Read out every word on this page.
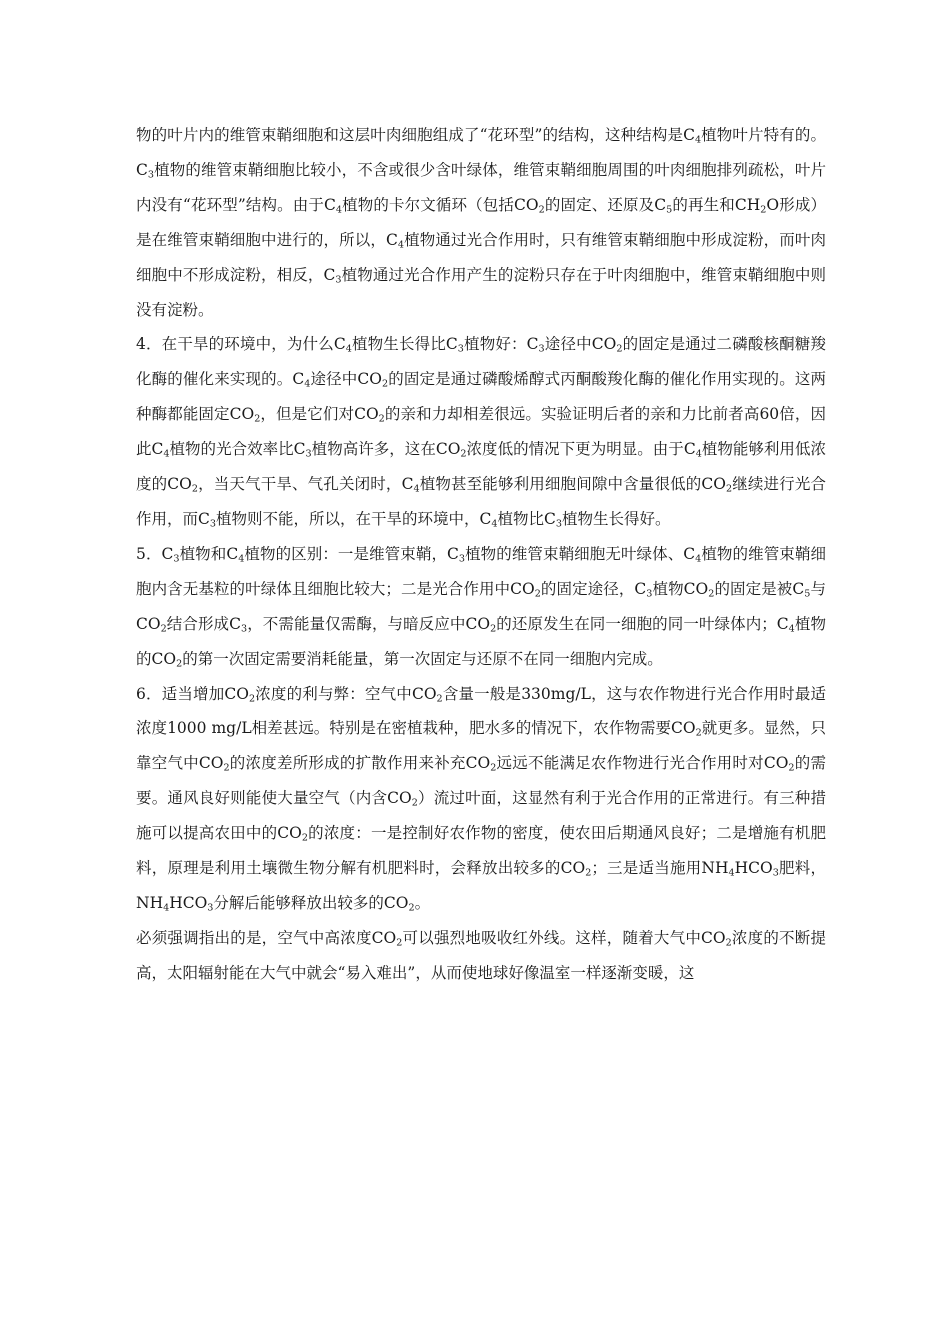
物的叶片内的维管束鞘细胞和这层叶肉细胞组成了“花环型”的结构，这种结构是$C_4$植物叶片特有的。$C_3$植物的维管束鞘细胞比较小，不含或很少含叶绿体，维管束鞘细胞周围的叶肉细胞排列疏松，叶片内没有“花环型”结构。由于$C_4$植物的卡尔文循环（包括$CO_2$的固定、还原及$C_5$的再生和$CH_2O$形成）是在维管束鞘细胞中进行的，所以，$C_4$植物通过光合作用时，只有维管束鞘细胞中形成淀粉，而叶肉细胞中不形成淀粉，相反，$C_3$植物通过光合作用产生的淀粉只存在于叶肉细胞中，维管束鞘细胞中则没有淀粉。

4．在干旱的环境中，为什么$C_4$植物生长得比$C_3$植物好：$C_3$途径中$CO_2$的固定是通过二磷酸核酮糖羧化酶的催化来实现的。$C_4$途径中$CO_2$的固定是通过磷酸烯醇式丙酮酸羧化酶的催化作用实现的。这两种酶都能固定$CO_2$，但是它们对$CO_2$的亲和力却相差很远。实验证明后者的亲和力比前者高60倍，因此$C_4$植物的光合效率比$C_3$植物高许多，这在$CO_2$浓度低的情况下更为明显。由于$C_4$植物能够利用低浓度的$CO_2$，当天气干旱、气孔关闭时，$C_4$植物甚至能够利用细胞间隙中含量很低的$CO_2$继续进行光合作用，而$C_3$植物则不能，所以，在干旱的环境中，$C_4$植物比$C_3$植物生长得好。

5．$C_3$植物和$C_4$植物的区别：一是维管束鞘，$C_3$植物的维管束鞘细胞无叶绿体、$C_4$植物的维管束鞘细胞内含无基粒的叶绿体且细胞比较大；二是光合作用中$CO_2$的固定途径，$C_3$植物$CO_2$的固定是被$C_5$与$CO_2$结合形成$C_3$，不需能量仅需酶，与暗反应中$CO_2$的还原发生在同一细胞的同一叶绿体内；$C_4$植物的$CO_2$的第一次固定需要消耗能量，第一次固定与还原不在同一细胞内完成。

6．适当增加$CO_2$浓度的利与弊：空气中$CO_2$含量一般是330mg/L，这与农作物进行光合作用时最适浓度1000 mg/L相差甚远。特别是在密植栽种，肥水多的情况下，农作物需要$CO_2$就更多。显然，只靠空气中$CO_2$的浓度差所形成的扩散作用来补充$CO_2$远远不能满足农作物进行光合作用时对$CO_2$的需要。通风良好则能使大量空气（内含$CO_2$）流过叶面，这显然有利于光合作用的正常进行。有三种措施可以提高农田中的$CO_2$的浓度：一是控制好农作物的密度，使农田后期通风良好；二是增施有机肥料，原理是利用土壤微生物分解有机肥料时，会释放出较多的$CO_2$；三是适当施用$NH_4HCO_3$肥料，$NH_4HCO_3$分解后能够释放出较多的$CO_2$。

必须强调指出的是，空气中高浓度$CO_2$可以强烈地吸收红外线。这样，随着大气中$CO_2$浓度的不断提高，太阳辐射能在大气中就会“易入难出”，从而使地球好像温室一样逐渐变暖，这
